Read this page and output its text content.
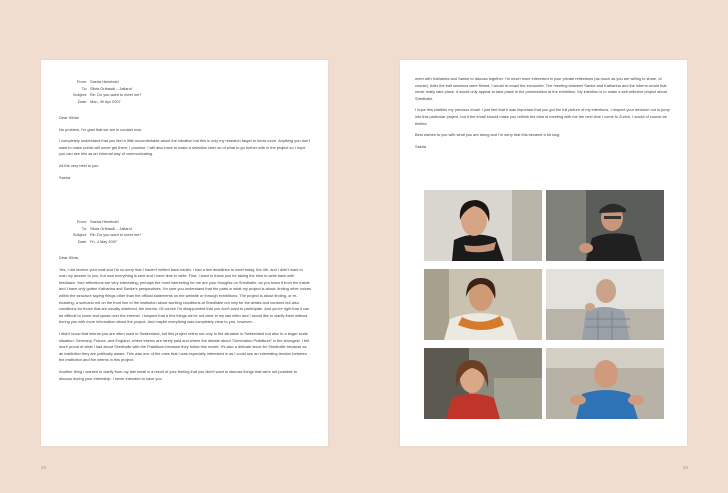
From: Sasha Helmbold
To: Silvia Gribaudi – Jalland
Subject: Re: Do you want to meet me?
Date: Mon, 30 Apr 2007

Dear Silvia!

No problem, I'm glad that we are in contact now.

I completely understand that you feel a little uncomfortable about the situation but this is only my research target to know more. Anything you don't want to make public will never get there, I promise. I will also have to make a selection later on of what to go further with in the project so I hope you can see this as an informal way of communicating.

All the very best to you

Sasha

From: Sasha Helmbold
To: Silvia Gribaudi – Jalland
Subject: Re: Do you want to meet me?
Date: Fri, 4 May 2007

Dear Silvia,

Yes, I did receive your mail and I'm so sorry that I haven't written back earlier. I had a few deadlines to meet today, the 4th, and I didn't want to rush my answer to you, but now everything is sent and I have time to write. First, I want to thank you for taking the time to write back with feedback. Your reflections are very interesting; perhaps the most interesting for me are your thoughts on Shedhalle, as you know it from the inside and I have only gotten Katharina and Sønke's perspectives. I'm sure you understand that the parts in what my project is about: finding other voices within the structure saying things other than the official statements on the website or through exhibitions. The project is about finding, or re-enacting, a scenario not on the front line of the institution about working conditions at Shedhalle not only for the artists and curators but also conditions for those that are usually sidelined, the interns. Of course I'm disappointed that you don't want to participate. And you're right that it can be difficult to come and speak over the internet. I suspect that a few things we've not clear in my last letter and I would like to clarify them without boring you with more information about the project. And maybe everything was completely clear to you, however...

I didn't know that interns you are often used in Switzerland, but this project refers not only to the situation in Switzerland but also to a larger scale situation: Germany, France, and England, where interns are rarely paid and where the debate about "Generation Praktikum" is the strongest. I felt more proud of what I had about Shedhalle with the Praktikum because they follow this model. It's also a delicate issue for Shedhalle because as an institution they are politically aware. This was one of the ones that I was especially interested in as I could see an interesting tension between the institution and the interns in this project.

Another thing I wanted to clarify from my last email is a result of your feeling that you didn't want to discuss things that were not possible to discuss during your internship. I never intended to have you

88

meet with Katharina and Sønke to discuss together. I'm much more interested in your private reflections (as much as you are willing to share, of course). After the edit sessions were filmed, I would re-enact the encounter. The meeting between Sønke and Katharina and the interns would that never really take place, it would only appear to take place in the presentation at the exhibition. My intention is to make a self-reflexive project about Shedhalle.

I hope this clarifies my previous email. I just feel that it was important that you got the full picture of my intentions. I respect your decision not to jump into this particular project, but if the email should make you rethink the idea of meeting with me the next time I come to Zurich, I would of course be thrilled.

Best wishes to you with what you are doing and I'm sorry that this became a bit long.

Sasha

88
